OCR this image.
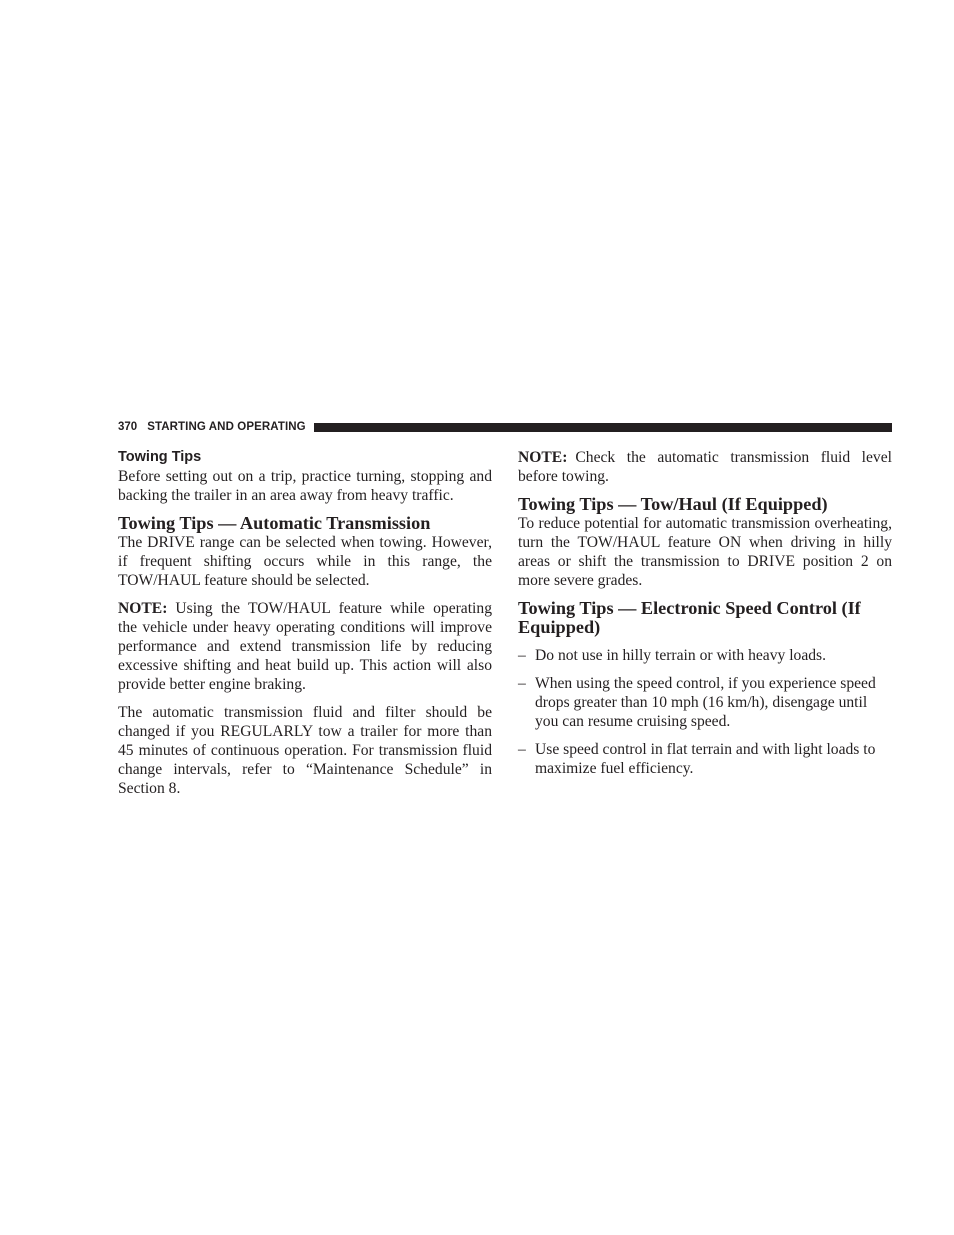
370 STARTING AND OPERATING
Towing Tips

Before setting out on a trip, practice turning, stopping and backing the trailer in an area away from heavy traffic.

Towing Tips — Automatic Transmission

The DRIVE range can be selected when towing. However, if frequent shifting occurs while in this range, the TOW/HAUL feature should be selected.

NOTE: Using the TOW/HAUL feature while operating the vehicle under heavy operating conditions will improve performance and extend transmission life by reducing excessive shifting and heat build up. This action will also provide better engine braking.

The automatic transmission fluid and filter should be changed if you REGULARLY tow a trailer for more than 45 minutes of continuous operation. For transmission fluid change intervals, refer to “Maintenance Schedule” in Section 8.

NOTE: Check the automatic transmission fluid level before towing.

Towing Tips — Tow/Haul (If Equipped)

To reduce potential for automatic transmission overheating, turn the TOW/HAUL feature ON when driving in hilly areas or shift the transmission to DRIVE position 2 on more severe grades.

Towing Tips — Electronic Speed Control (If Equipped)
– Do not use in hilly terrain or with heavy loads.
– When using the speed control, if you experience speed drops greater than 10 mph (16 km/h), disengage until you can resume cruising speed.
– Use speed control in flat terrain and with light loads to maximize fuel efficiency.
